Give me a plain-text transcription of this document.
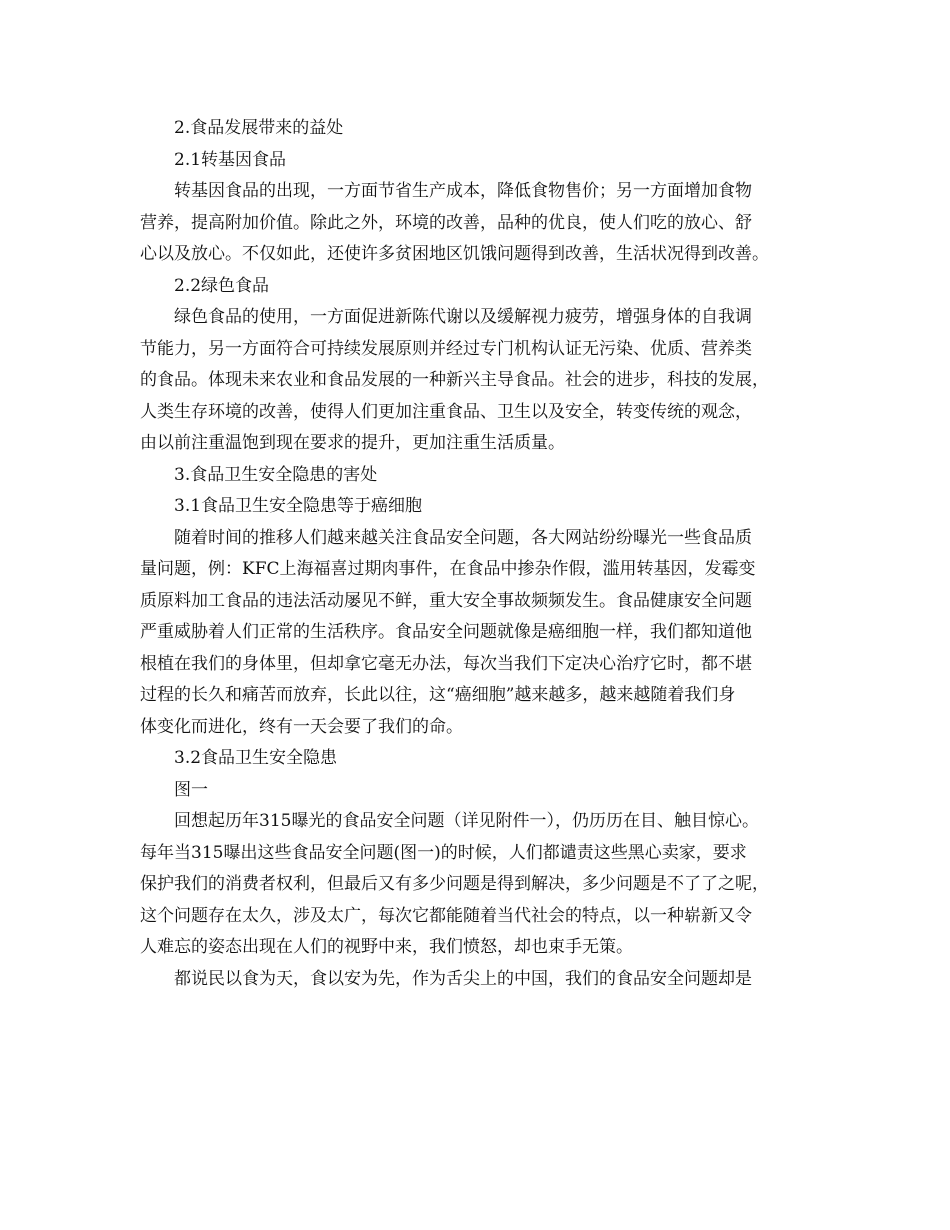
2.食品发展带来的益处
2.1转基因食品
转基因食品的出现，一方面节省生产成本，降低食物售价；另一方面增加食物
营养，提高附加价值。除此之外，环境的改善，品种的优良，使人们吃的放心、舒
心以及放心。不仅如此，还使许多贫困地区饥饿问题得到改善，生活状况得到改善。
2.2绿色食品
绿色食品的使用，一方面促进新陈代谢以及缓解视力疲劳，增强身体的自我调
节能力，另一方面符合可持续发展原则并经过专门机构认证无污染、优质、营养类
的食品。体现未来农业和食品发展的一种新兴主导食品。社会的进步，科技的发展，
人类生存环境的改善，使得人们更加注重食品、卫生以及安全，转变传统的观念，
由以前注重温饱到现在要求的提升，更加注重生活质量。
3.食品卫生安全隐患的害处
3.1食品卫生安全隐患等于癌细胞
随着时间的推移人们越来越关注食品安全问题，各大网站纷纷曝光一些食品质
量问题，例：KFC上海福喜过期肉事件，在食品中掺杂作假，滥用转基因，发霉变
质原料加工食品的违法活动屡见不鲜，重大安全事故频频发生。食品健康安全问题
严重威胁着人们正常的生活秩序。食品安全问题就像是癌细胞一样，我们都知道他
根植在我们的身体里，但却拿它毫无办法，每次当我们下定决心治疗它时，都不堪
过程的长久和痛苦而放弃，长此以往，这“癌细胞”越来越多，越来越随着我们身
体变化而进化，终有一天会要了我们的命。
3.2食品卫生安全隐患
图一
回想起历年315曝光的食品安全问题（详见附件一），仍历历在目、触目惊心。
每年当315曝出这些食品安全问题(图一)的时候，人们都谴责这些黑心卖家，要求
保护我们的消费者权利，但最后又有多少问题是得到解决，多少问题是不了了之呢，
这个问题存在太久，涉及太广，每次它都能随着当代社会的特点，以一种崭新又令
人难忘的姿态出现在人们的视野中来，我们愤怒，却也束手无策。
都说民以食为天，食以安为先，作为舌尖上的中国，我们的食品安全问题却是
